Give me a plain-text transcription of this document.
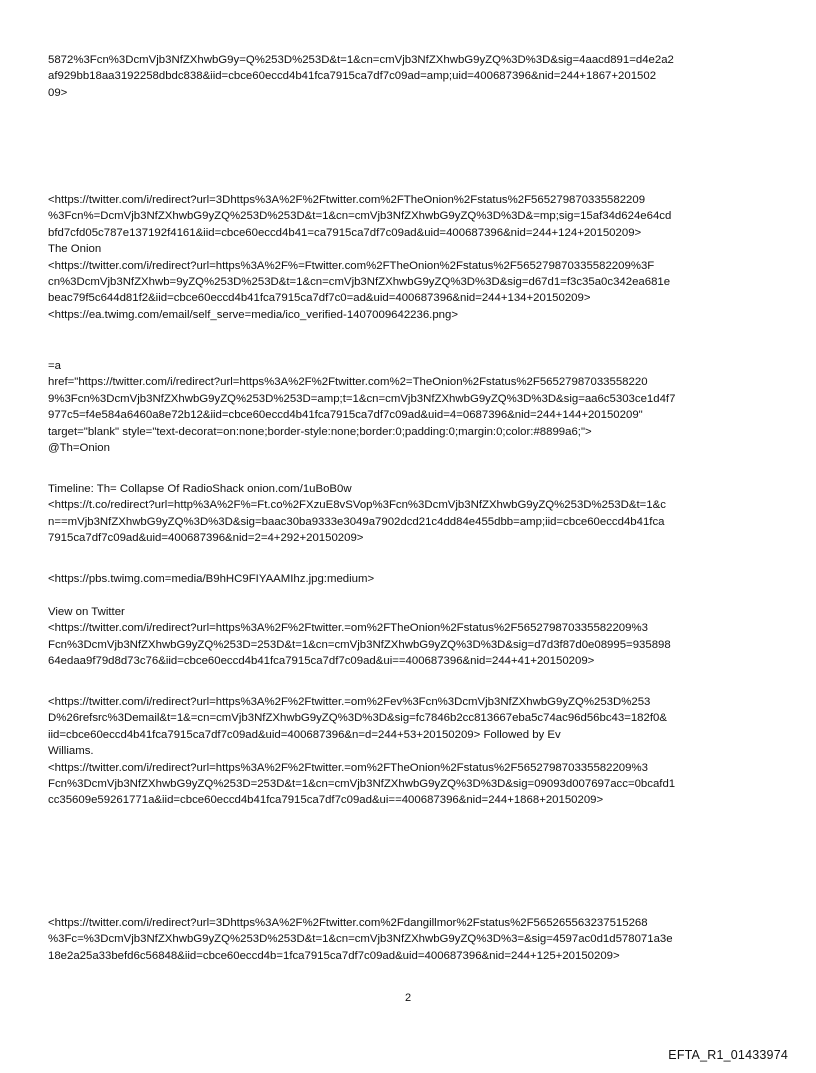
5872%3Fcn%3DcmVjb3NfZXhwbG9y=Q%253D%253D&t=1&cn=cmVjb3NfZXhwbG9yZQ%3D%3D&sig=4aacd891=d4e2a2
af929bb18aa3192258dbdc838&iid=cbce60eccd4b41fca7915ca7df7c09ad=amp;uid=400687396&nid=244+1867+201502
09>
<https://twitter.com/i/redirect?url=3Dhttps%3A%2F%2Ftwitter.com%2FTheOnion%2Fstatus%2F565279870335582209
%3Fcn%=DcmVjb3NfZXhwbG9yZQ%253D%253D&t=1&cn=cmVjb3NfZXhwbG9yZQ%3D%3D&=mp;sig=15af34d624e64cd
bfd7cfd05c787e137192f4161&iid=cbce60eccd4b41=ca7915ca7df7c09ad&uid=400687396&nid=244+124+20150209>
The Onion
<https://twitter.com/i/redirect?url=https%3A%2F%=Ftwitter.com%2FTheOnion%2Fstatus%2F565279870335582209%3F
cn%3DcmVjb3NfZXhwb=9yZQ%253D%253D&t=1&cn=cmVjb3NfZXhwbG9yZQ%3D%3D&sig=d67d1=f3c35a0c342ea681e
beac79f5c644d81f2&iid=cbce60eccd4b41fca7915ca7df7c0=ad&uid=400687396&nid=244+134+20150209>
<https://ea.twimg.com/email/self_serve=media/ico_verified-1407009642236.png>
=a
href="https://twitter.com/i/redirect?url=https%3A%2F%2Ftwitter.com%2=TheOnion%2Fstatus%2F56527987033558220
9%3Fcn%3DcmVjb3NfZXhwbG9yZQ%253D%253D=amp;t=1&cn=cmVjb3NfZXhwbG9yZQ%3D%3D&sig=aa6c5303ce1d4f7
977c5=f4e584a6460a8e72b12&iid=cbce60eccd4b41fca7915ca7df7c09ad&uid=4=0687396&nid=244+144+20150209"
target="blank" style="text-decorat=on:none;border-style:none;border:0;padding:0;margin:0;color:#8899a6;">
@Th=Onion
Timeline: Th= Collapse Of RadioShack onion.com/1uBoB0w
<https://t.co/redirect?url=http%3A%2F%=Ft.co%2FXzuE8vSVop%3Fcn%3DcmVjb3NfZXhwbG9yZQ%253D%253D&t=1&c
n==mVjb3NfZXhwbG9yZQ%3D%3D&sig=baac30ba9333e3049a7902dcd21c4dd84e455dbb=amp;iid=cbce60eccd4b41fca
7915ca7df7c09ad&uid=400687396&nid=2=4+292+20150209>
<https://pbs.twimg.com=media/B9hHC9FIYAAMIhz.jpg:medium>
View on Twitter
<https://twitter.com/i/redirect?url=https%3A%2F%2Ftwitter.=om%2FTheOnion%2Fstatus%2F565279870335582209%3
Fcn%3DcmVjb3NfZXhwbG9yZQ%253D=253D&t=1&cn=cmVjb3NfZXhwbG9yZQ%3D%3D&sig=d7d3f87d0e08995=935898
64edaa9f79d8d73c76&iid=cbce60eccd4b41fca7915ca7df7c09ad&ui==400687396&nid=244+41+20150209>
<https://twitter.com/i/redirect?url=https%3A%2F%2Ftwitter.=om%2Fev%3Fcn%3DcmVjb3NfZXhwbG9yZQ%253D%253
D%26refsrc%3Demail&t=1&=cn=cmVjb3NfZXhwbG9yZQ%3D%3D&sig=fc7846b2cc813667eba5c74ac96d56bc43=182f0&
iid=cbce60eccd4b41fca7915ca7df7c09ad&uid=400687396&n=d=244+53+20150209> Followed by Ev
Williams.
<https://twitter.com/i/redirect?url=https%3A%2F%2Ftwitter.=om%2FTheOnion%2Fstatus%2F565279870335582209%3
Fcn%3DcmVjb3NfZXhwbG9yZQ%253D=253D&t=1&cn=cmVjb3NfZXhwbG9yZQ%3D%3D&sig=09093d007697acc=0bcafd1
cc35609e59261771a&iid=cbce60eccd4b41fca7915ca7df7c09ad&ui==400687396&nid=244+1868+20150209>
<https://twitter.com/i/redirect?url=3Dhttps%3A%2F%2Ftwitter.com%2Fdangillmor%2Fstatus%2F565265563237515268
%3Fc=%3DcmVjb3NfZXhwbG9yZQ%253D%253D&t=1&cn=cmVjb3NfZXhwbG9yZQ%3D%3=&sig=4597ac0d1d578071a3e
18e2a25a33befd6c56848&iid=cbce60eccd4b=1fca7915ca7df7c09ad&uid=400687396&nid=244+125+20150209>
2
EFTA_R1_01433974
